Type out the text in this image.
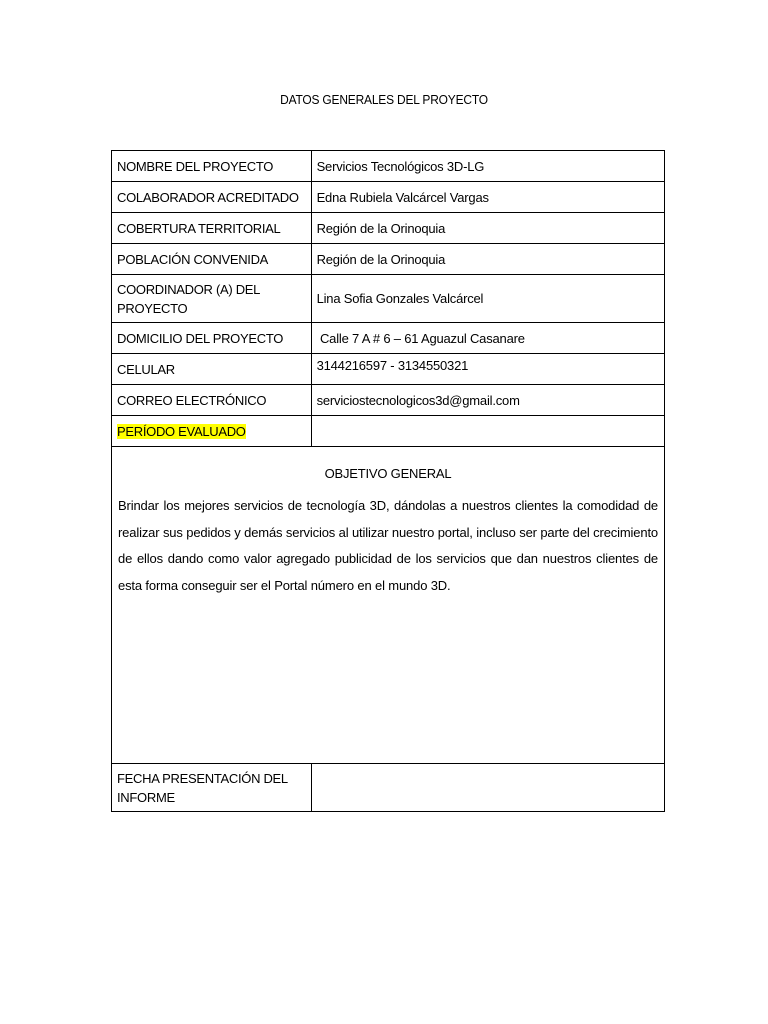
DATOS GENERALES DEL PROYECTO
NOMBRE DEL PROYECTO	Servicios Tecnológicos 3D-LG
COLABORADOR ACREDITADO	Edna Rubiela Valcárcel Vargas
COBERTURA TERRITORIAL	Región de la Orinoquia
POBLACIÓN CONVENIDA	Región de la Orinoquia
COORDINADOR (A) DEL PROYECTO	Lina Sofia Gonzales Valcárcel
DOMICILIO DEL PROYECTO	Calle 7 A # 6 – 61 Aguazul Casanare
CELULAR	3144216597 - 3134550321
CORREO ELECTRÓNICO	serviciostecnologicos3d@gmail.com
PERÍODO EVALUADO	

OBJETIVO GENERAL
Brindar los mejores servicios de tecnología 3D, dándolas a nuestros clientes la comodidad de realizar sus pedidos y demás servicios al utilizar nuestro portal, incluso ser parte del crecimiento de ellos dando como valor agregado publicidad de los servicios que dan nuestros clientes de esta forma conseguir ser el Portal número en el mundo 3D.	

FECHA PRESENTACIÓN DEL INFORME	
